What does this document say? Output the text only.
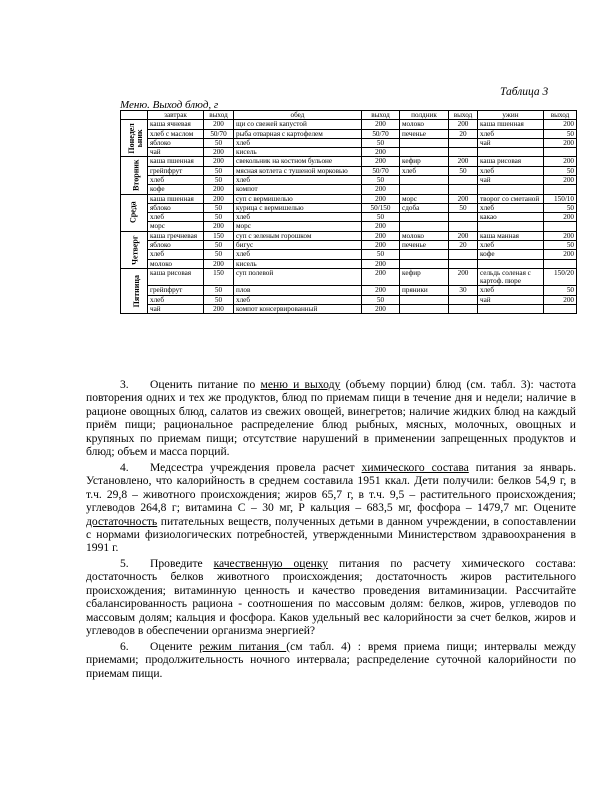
Таблица 3
Меню. Выход блюд, г
	завтрак	выход	обед	выход	полдник	выход	ужин	выход

Понедел ьник	каша ячневая	200	щи со свежей капустой	200	молоко	200	каша пшенная	200
	хлеб с маслом	50/70	рыба отварная с картофелем	50/70	печенье	20	хлеб	50
	яблоко	50	хлеб	50			чай	200
	чай	200	кисель	200				

Вторник	каша пшенная	200	свекольник на костном бульоне	200	кефир	200	каша рисовая	200
	грейпфрут	50	мясная котлета с тушеной морковью	50/70	хлеб	50	хлеб	50
	хлеб	50	хлеб	50			чай	200
	кофе	200	компот	200				

Среда	каша пшенная	200	суп с вермишелью	200	морс	200	творог со сметаной	150/10
	яблоко	50	курица с вермишелью	50/150	сдоба	50	хлеб	50
	хлеб	50	хлеб	50			какао	200
	морс	200	морс	200				

Четверг	каша гречневая	150	суп с зеленым горошком	200	молоко	200	каша манная	200
	яблоко	50	бигус	200	печенье	20	хлеб	50
	хлеб	50	хлеб	50			кофе	200
	молоко	200	кисель	200				

Пятница	каша рисовая	150	суп полевой	200	кефир	200	сельдь соленая с картоф. пюре	150/20
	грейпфрут	50	плов	200	пряники	30	хлеб	50
	хлеб	50	хлеб	50			чай	200
	чай	200	компот консервированный	200				

3. Оценить питание по меню и выходу (объему порции) блюд (см. табл. 3): частота повторения одних и тех же продуктов, блюд по приемам пищи в течение дня и недели; наличие в рационе овощных блюд, салатов из свежих овощей, винегретов; наличие жидких блюд на каждый приём пищи; рациональное распределение блюд рыбных, мясных, молочных, овощных и крупяных по приемам пищи; отсутствие нарушений в применении запрещенных продуктов и блюд; объем и масса порций.

4. Медсестра учреждения провела расчет химического состава питания за январь. Установлено, что калорийность в среднем составила 1951 ккал. Дети получили: белков 54,9 г, в т.ч. 29,8 – животного происхождения; жиров 65,7 г, в т.ч. 9,5 – растительного происхождения; углеводов 264,8 г; витамина С – 30 мг, Р кальция – 683,5 мг, фосфора – 1479,7 мг. Оцените достаточность питательных веществ, полученных детьми в данном учреждении, в сопоставлении с нормами физиологических потребностей, утвержденными Министерством здравоохранения в 1991 г.

5. Проведите качественную оценку питания по расчету химического состава: достаточность белков животного происхождения; достаточность жиров растительного происхождения; витаминную ценность и качество проведения витаминизации. Рассчитайте сбалансированность рациона - соотношения по массовым долям: белков, жиров, углеводов по массовым долям; кальция и фосфора. Каков удельный вес калорийности за счет белков, жиров и углеводов в обеспечении организма энергией?

6. Оцените режим питания (см табл. 4) : время приема пищи; интервалы между приемами; продолжительность ночного интервала; распределение суточной калорийности по приемам пищи.
